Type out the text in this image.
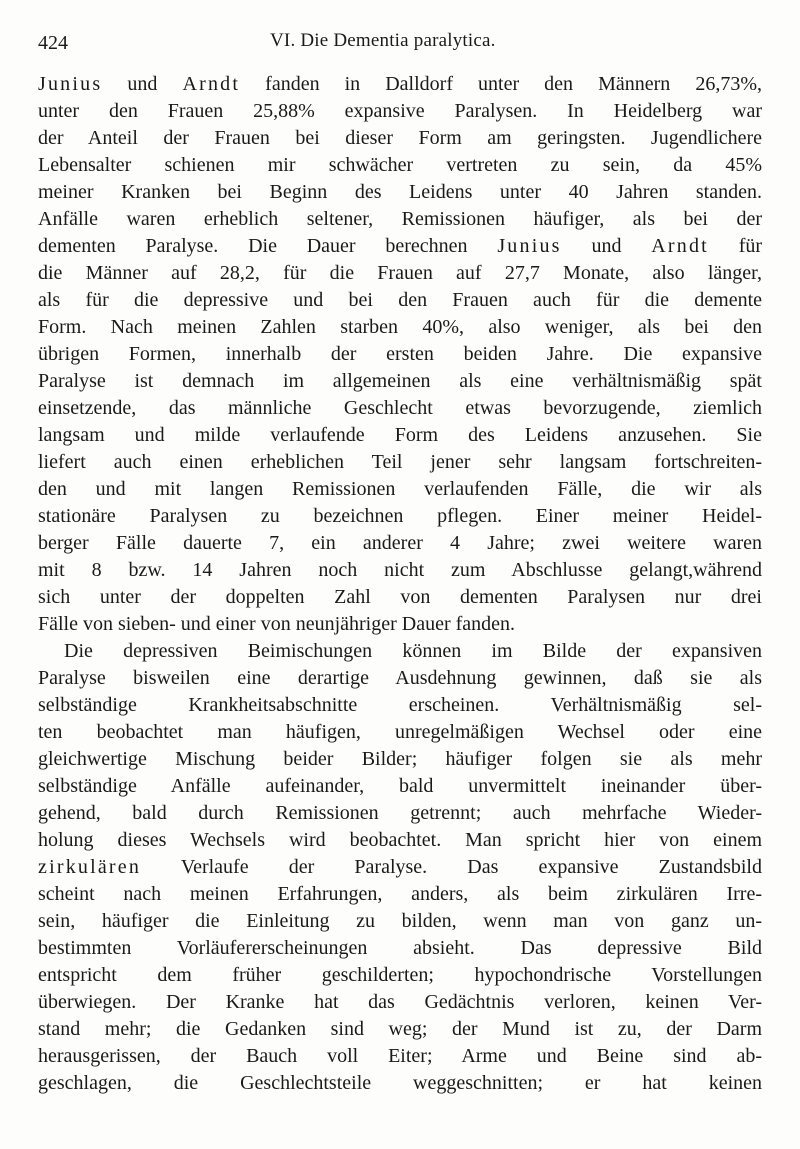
424	VI. Die Dementia paralytica.
Junius und Arndt fanden in Dalldorf unter den Männern 26,73%,
unter den Frauen 25,88% expansive Paralysen. In Heidelberg war
der Anteil der Frauen bei dieser Form am geringsten. Jugendlichere
Lebensalter schienen mir schwächer vertreten zu sein, da 45%
meiner Kranken bei Beginn des Leidens unter 40 Jahren standen.
Anfälle waren erheblich seltener, Remissionen häufiger, als bei der
dementen Paralyse. Die Dauer berechnen Junius und Arndt für
die Männer auf 28,2, für die Frauen auf 27,7 Monate, also länger,
als für die depressive und bei den Frauen auch für die demente
Form. Nach meinen Zahlen starben 40%, also weniger, als bei den
übrigen Formen, innerhalb der ersten beiden Jahre. Die expansive
Paralyse ist demnach im allgemeinen als eine verhältnismäßig spät
einsetzende, das männliche Geschlecht etwas bevorzugende, ziemlich
langsam und milde verlaufende Form des Leidens anzusehen. Sie
liefert auch einen erheblichen Teil jener sehr langsam fortschreiten-
den und mit langen Remissionen verlaufenden Fälle, die wir als
stationäre Paralysen zu bezeichnen pflegen. Einer meiner Heidel-
berger Fälle dauerte 7, ein anderer 4 Jahre; zwei weitere waren
mit 8 bzw. 14 Jahren noch nicht zum Abschlusse gelangt,während
sich unter der doppelten Zahl von dementen Paralysen nur drei
Fälle von sieben- und einer von neunjähriger Dauer fanden.
Die depressiven Beimischungen können im Bilde der expansiven
Paralyse bisweilen eine derartige Ausdehnung gewinnen, daß sie als
selbständige Krankheitsabschnitte erscheinen. Verhältnismäßig sel-
ten beobachtet man häufigen, unregelmäßigen Wechsel oder eine
gleichwertige Mischung beider Bilder; häufiger folgen sie als mehr
selbständige Anfälle aufeinander, bald unvermittelt ineinander über-
gehend, bald durch Remissionen getrennt; auch mehrfache Wieder-
holung dieses Wechsels wird beobachtet. Man spricht hier von einem
zirkulären Verlaufe der Paralyse. Das expansive Zustandsbild
scheint nach meinen Erfahrungen, anders, als beim zirkulären Irre-
sein, häufiger die Einleitung zu bilden, wenn man von ganz un-
bestimmten Vorläufererscheinungen absieht. Das depressive Bild
entspricht dem früher geschilderten; hypochondrische Vorstellungen
überwiegen. Der Kranke hat das Gedächtnis verloren, keinen Ver-
stand mehr; die Gedanken sind weg; der Mund ist zu, der Darm
herausgerissen, der Bauch voll Eiter; Arme und Beine sind ab-
geschlagen, die Geschlechtsteile weggeschnitten; er hat keinen
